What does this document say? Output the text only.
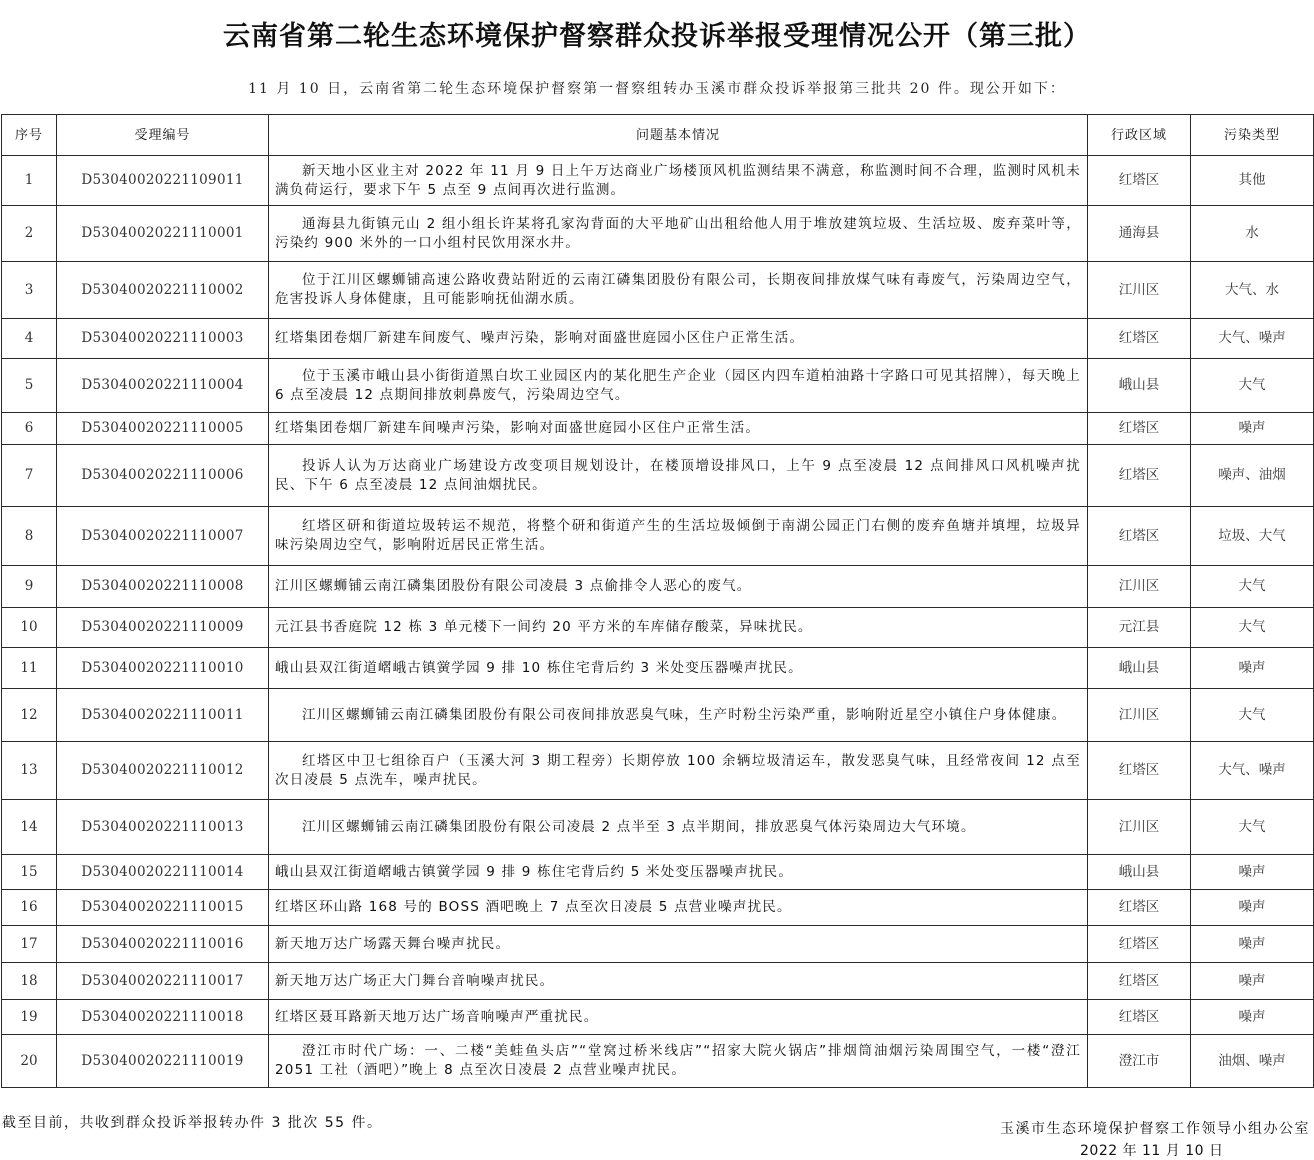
云南省第二轮生态环境保护督察群众投诉举报受理情况公开（第三批）
11 月 10 日，云南省第二轮生态环境保护督察第一督察组转办玉溪市群众投诉举报第三批共 20 件。现公开如下：
序号	受理编号	问题基本情况	行政区域	污染类型
1	D53040020221109011	新天地小区业主对 2022 年 11 月 9 日上午万达商业广场楼顶风机监测结果不满意，称监测时间不合理，监测时风机未满负荷运行，要求下午 5 点至 9 点间再次进行监测。	红塔区	其他
2	D53040020221110001	通海县九街镇元山 2 组小组长许某将孔家沟背面的大平地矿山出租给他人用于堆放建筑垃圾、生活垃圾、废弃菜叶等，污染约 900 米外的一口小组村民饮用深水井。	通海县	水
3	D53040020221110002	位于江川区螺蛳铺高速公路收费站附近的云南江磷集团股份有限公司，长期夜间排放煤气味有毒废气，污染周边空气，危害投诉人身体健康，且可能影响抚仙湖水质。	江川区	大气、水
4	D53040020221110003	红塔集团卷烟厂新建车间废气、噪声污染，影响对面盛世庭园小区住户正常生活。	红塔区	大气、噪声
5	D53040020221110004	位于玉溪市峨山县小街街道黑白坎工业园区内的某化肥生产企业（园区内四车道柏油路十字路口可见其招牌），每天晚上 6 点至凌晨 12 点期间排放刺鼻废气，污染周边空气。	峨山县	大气
6	D53040020221110005	红塔集团卷烟厂新建车间噪声污染，影响对面盛世庭园小区住户正常生活。	红塔区	噪声
7	D53040020221110006	投诉人认为万达商业广场建设方改变项目规划设计，在楼顶增设排风口，上午 9 点至凌晨 12 点间排风口风机噪声扰民、下午 6 点至凌晨 12 点间油烟扰民。	红塔区	噪声、油烟
8	D53040020221110007	红塔区研和街道垃圾转运不规范，将整个研和街道产生的生活垃圾倾倒于南湖公园正门右侧的废弃鱼塘并填埋，垃圾异味污染周边空气，影响附近居民正常生活。	红塔区	垃圾、大气
9	D53040020221110008	江川区螺蛳铺云南江磷集团股份有限公司凌晨 3 点偷排令人恶心的废气。	江川区	大气
10	D53040020221110009	元江县书香庭院 12 栋 3 单元楼下一间约 20 平方米的车库储存酸菜，异味扰民。	元江县	大气
11	D53040020221110010	峨山县双江街道嶍峨古镇黉学园 9 排 10 栋住宅背后约 3 米处变压器噪声扰民。	峨山县	噪声
12	D53040020221110011	江川区螺蛳铺云南江磷集团股份有限公司夜间排放恶臭气味，生产时粉尘污染严重，影响附近星空小镇住户身体健康。	江川区	大气
13	D53040020221110012	红塔区中卫七组徐百户（玉溪大河 3 期工程旁）长期停放 100 余辆垃圾清运车，散发恶臭气味，且经常夜间 12 点至次日凌晨 5 点洗车，噪声扰民。	红塔区	大气、噪声
14	D53040020221110013	江川区螺蛳铺云南江磷集团股份有限公司凌晨 2 点半至 3 点半期间，排放恶臭气体污染周边大气环境。	江川区	大气
15	D53040020221110014	峨山县双江街道嶍峨古镇黉学园 9 排 9 栋住宅背后约 5 米处变压器噪声扰民。	峨山县	噪声
16	D53040020221110015	红塔区环山路 168 号的 BOSS 酒吧晚上 7 点至次日凌晨 5 点营业噪声扰民。	红塔区	噪声
17	D53040020221110016	新天地万达广场露天舞台噪声扰民。	红塔区	噪声
18	D53040020221110017	新天地万达广场正大门舞台音响噪声扰民。	红塔区	噪声
19	D53040020221110018	红塔区聂耳路新天地万达广场音响噪声严重扰民。	红塔区	噪声
20	D53040020221110019	澄江市时代广场：一、二楼“美蛙鱼头店”“堂窝过桥米线店”“招家大院火锅店”排烟筒油烟污染周围空气，一楼“澄江 2051 工社（酒吧）”晚上 8 点至次日凌晨 2 点营业噪声扰民。	澄江市	油烟、噪声
截至目前，共收到群众投诉举报转办件 3 批次 55 件。	玉溪市生态环境保护督察工作领导小组办公室
2022 年 11 月 10 日
